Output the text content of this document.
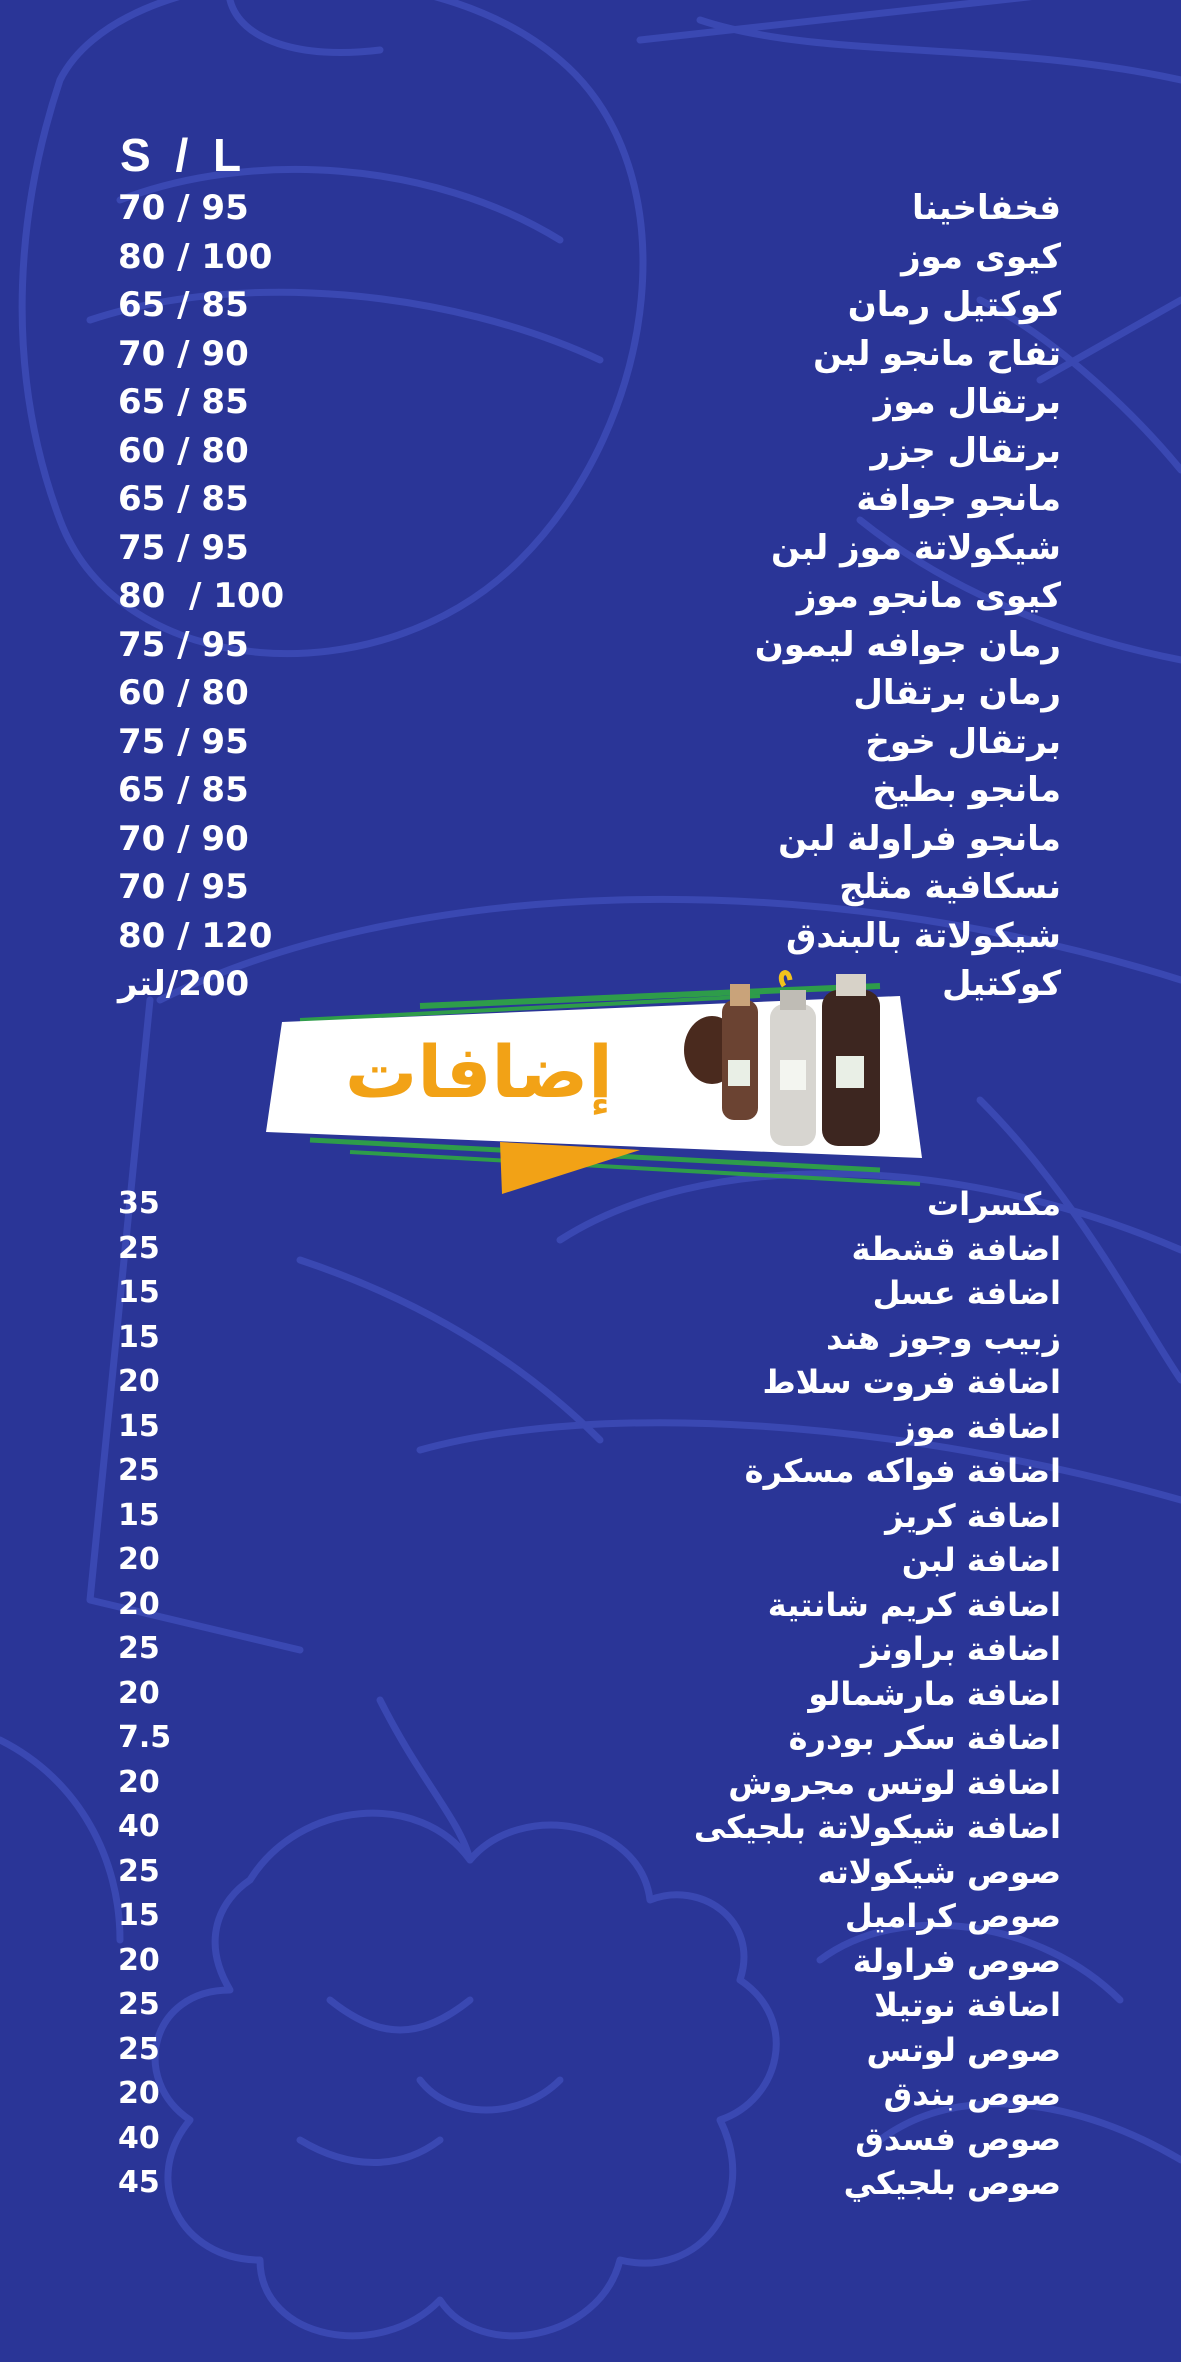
S / L
فخفاخينا
70 / 95
كيوى موز
80 / 100
كوكتيل رمان
65 / 85
تفاح مانجو لبن
70 / 90
برتقال موز
65 / 85
برتقال جزر
60 / 80
مانجو جوافة
65 / 85
شيكولاتة موز لبن
75 / 95
كيوى مانجو موز
80  / 100
رمان جوافه ليمون
75 / 95
رمان برتقال
60 / 80
برتقال خوخ
75 / 95
مانجو بطيخ
65 / 85
مانجو فراولة لبن
70 / 90
نسكافية مثلج
70 / 95
شيكولاتة بالبندق
80 / 120
كوكتيل
200/لتر
إضافات
مكسرات
35
اضافة قشطة
25
اضافة عسل
15
زبيب وجوز هند
15
اضافة فروت سلاط
20
اضافة موز
15
اضافة فواكه مسكرة
25
اضافة كريز
15
اضافة لبن
20
اضافة كريم شانتية
20
اضافة براونز
25
اضافة مارشمالو
20
اضافة سكر بودرة
7.5
اضافة لوتس مجروش
20
اضافة شيكولاتة بلجيكى
40
صوص شيكولاته
25
صوص كراميل
15
صوص فراولة
20
اضافة نوتيلا
25
صوص لوتس
25
صوص بندق
20
صوص فسدق
40
صوص بلجيكي
45
